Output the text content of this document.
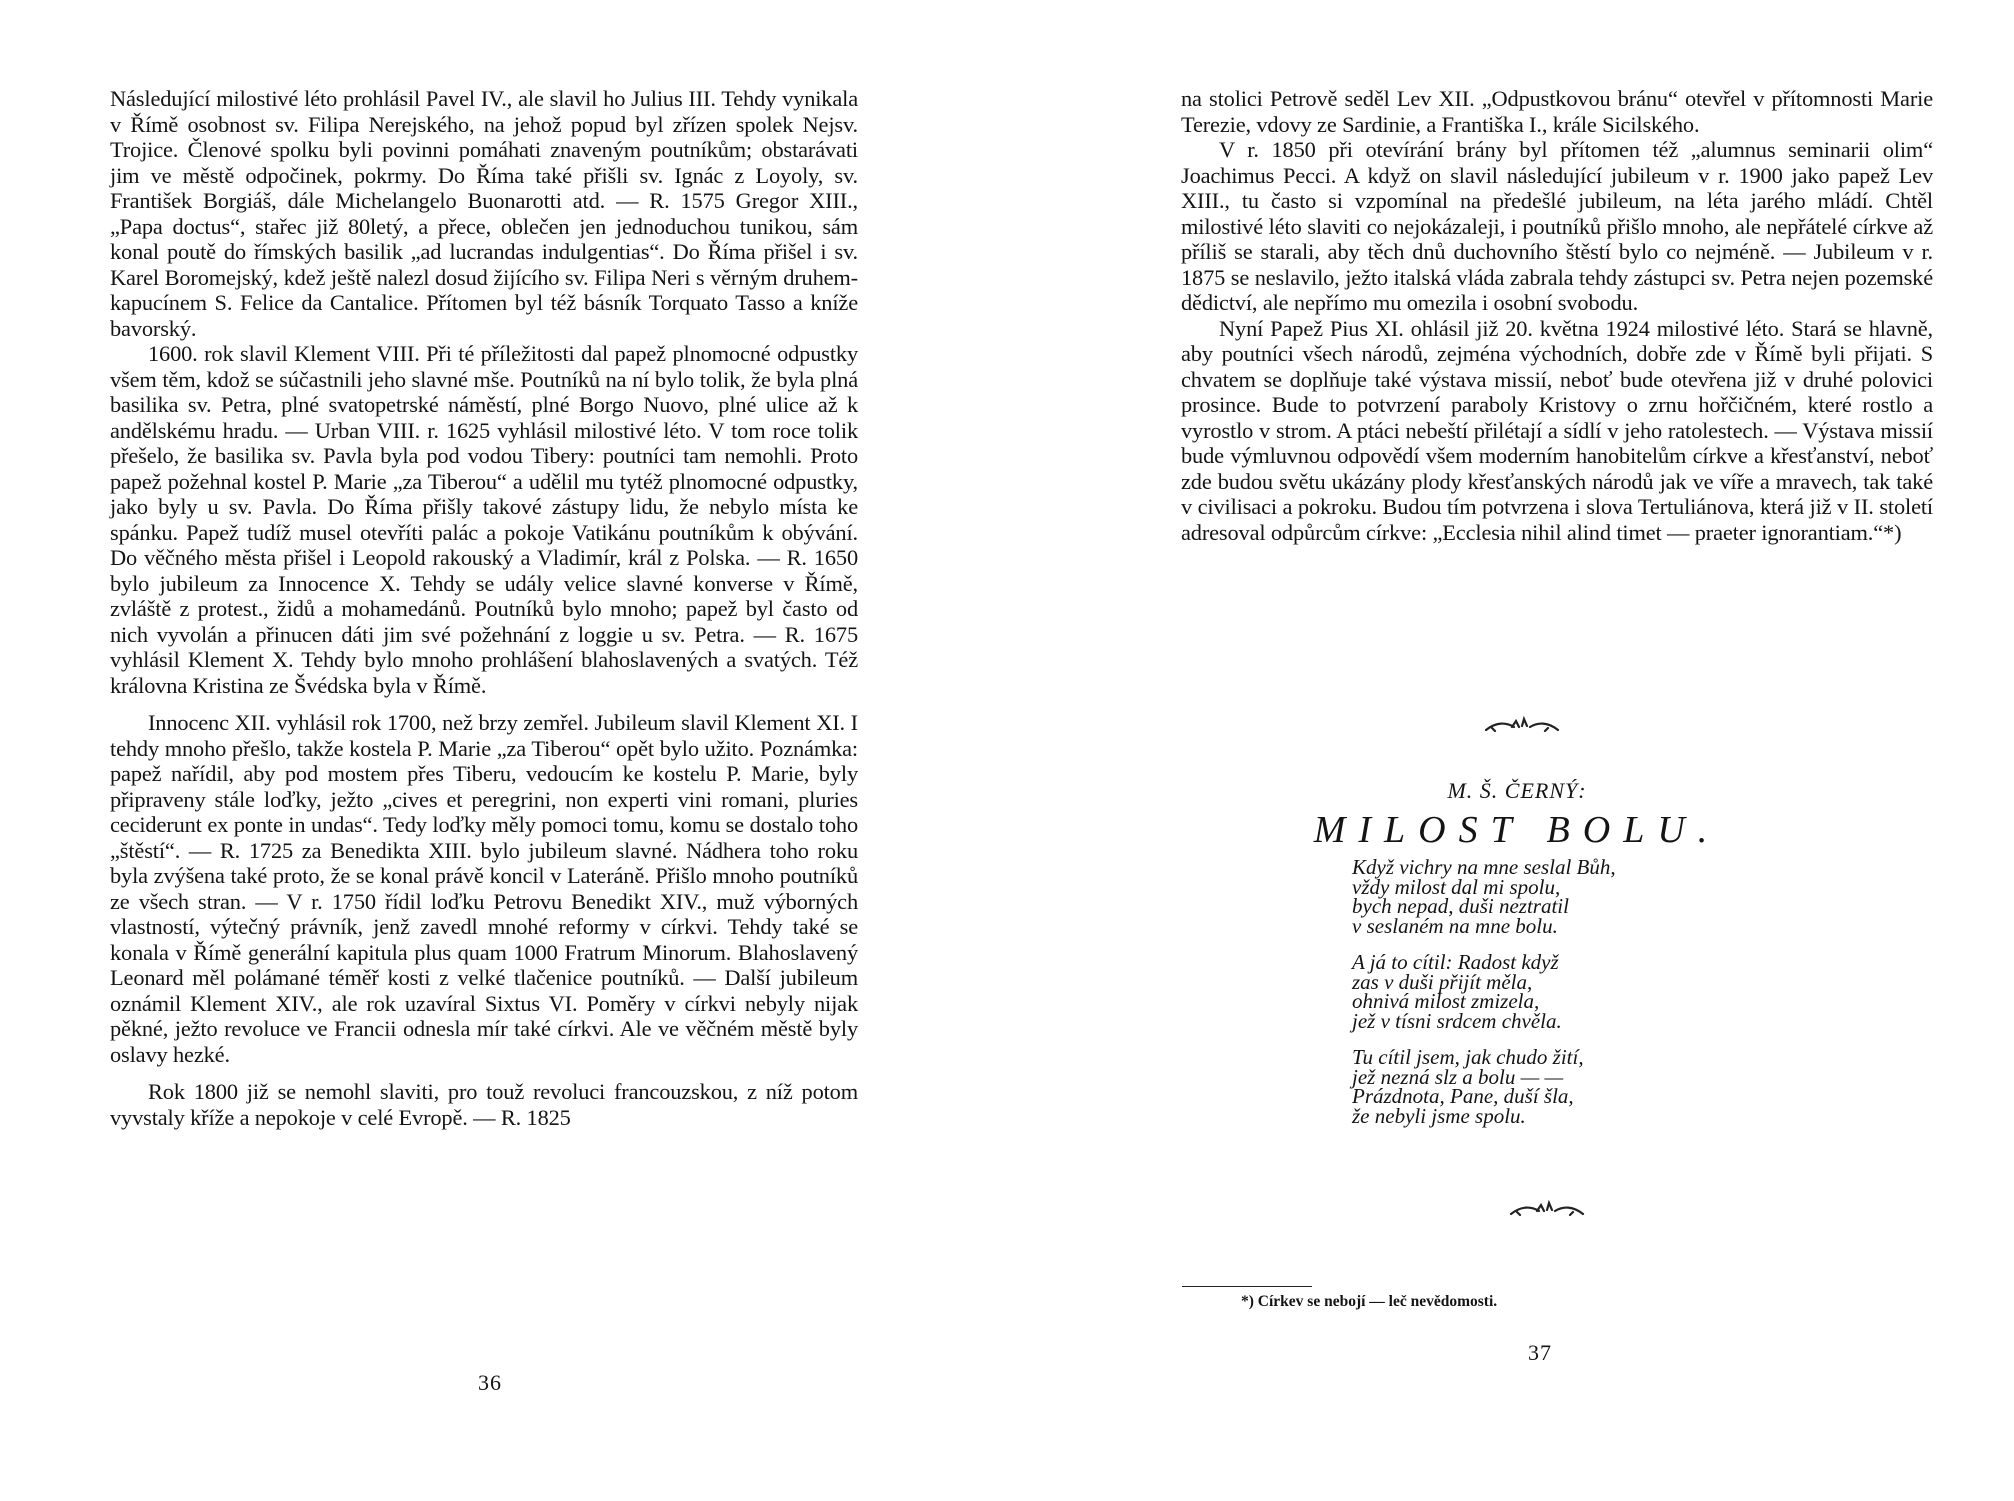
Následující milostivé léto prohlásil Pavel IV., ale slavil ho Julius III. Tehdy vynikala v Římě osobnost sv. Filipa Nerejského, na jehož popud byl zřízen spolek Nejsv. Trojice. Členové spolku byli povinni pomáhati znaveným poutníkům; obstarávati jim ve městě odpočinek, pokrmy. Do Říma také přišli sv. Ignác z Loyoly, sv. František Borgiáš, dále Michelangelo Buonarotti atd. — R. 1575 Gregor XIII., „Papa doctus“, stařec již 80letý, a přece, oblečen jen jednoduchou tunikou, sám konal poutě do římských basilik „ad lucrandas indulgentias“. Do Říma přišel i sv. Karel Boromejský, kdež ještě nalezl dosud žijícího sv. Filipa Neri s věrným druhem-kapucínem S. Felice da Cantalice. Přítomen byl též básník Torquato Tasso a kníže bavorský.

1600. rok slavil Klement VIII. Při té příležitosti dal papež plnomocné odpustky všem těm, kdož se súčastnili jeho slavné mše. Poutníků na ní bylo tolik, že byla plná basilika sv. Petra, plné svatopetrské náměstí, plné Borgo Nuovo, plné ulice až k andělskému hradu. — Urban VIII. r. 1625 vyhlásil milostivé léto. V tom roce tolik přešelo, že basilika sv. Pavla byla pod vodou Tibery: poutníci tam nemohli. Proto papež požehnal kostel P. Marie „za Tiberou“ a udělil mu tytéž plnomocné odpustky, jako byly u sv. Pavla. Do Říma přišly takové zástupy lidu, že nebylo místa ke spánku. Papež tudíž musel otevříti palác a pokoje Vatikánu poutníkům k obývání. Do věčného města přišel i Leopold rakouský a Vladimír, král z Polska. — R. 1650 bylo jubileum za Innocence X. Tehdy se udály velice slavné konverse v Římě, zvláště z protest., židů a mohamedánů. Poutníků bylo mnoho; papež byl často od nich vyvolán a přinucen dáti jim své požehnání z loggie u sv. Petra. — R. 1675 vyhlásil Klement X. Tehdy bylo mnoho prohlášení blahoslavených a svatých. Též královna Kristina ze Švédska byla v Římě.

Innocenc XII. vyhlásil rok 1700, než brzy zemřel. Jubileum slavil Klement XI. I tehdy mnoho přešlo, takže kostela P. Marie „za Tiberou“ opět bylo užito. Poznámka: papež nařídil, aby pod mostem přes Tiberu, vedoucím ke kostelu P. Marie, byly připraveny stále loďky, ježto „cives et peregrini, non experti vini romani, pluries ceciderunt ex ponte in undas“. Tedy loďky měly pomoci tomu, komu se dostalo toho „štěstí“. — R. 1725 za Benedikta XIII. bylo jubileum slavné. Nádhera toho roku byla zvýšena také proto, že se konal právě koncil v Lateráně. Přišlo mnoho poutníků ze všech stran. — V r. 1750 řídil loďku Petrovu Benedikt XIV., muž výborných vlastností, výtečný právník, jenž zavedl mnohé reformy v církvi. Tehdy také se konala v Římě generální kapitula plus quam 1000 Fratrum Minorum. Blahoslavený Leonard měl polámané téměř kosti z velké tlačenice poutníků. — Další jubileum oznámil Klement XIV., ale rok uzavíral Sixtus VI. Poměry v církvi nebyly nijak pěkné, ježto revoluce ve Francii odnesla mír také církvi. Ale ve věčném městě byly oslavy hezké.

Rok 1800 již se nemohl slaviti, pro touž revoluci francouzskou, z níž potom vyvstaly kříže a nepokoje v celé Evropě. — R. 1825

36

na stolici Petrově seděl Lev XII. „Odpustkovou bránu“ otevřel v přítomnosti Marie Terezie, vdovy ze Sardinie, a Františka I., krále Sicilského.

V r. 1850 při otevírání brány byl přítomen též „alumnus seminarii olim“ Joachimus Pecci. A když on slavil následující jubileum v r. 1900 jako papež Lev XIII., tu často si vzpomínal na předešlé jubileum, na léta jarého mládí. Chtěl milostivé léto slaviti co nejokázaleji, i poutníků přišlo mnoho, ale nepřátelé církve až příliš se starali, aby těch dnů duchovního štěstí bylo co nejméně. — Jubileum v r. 1875 se neslavilo, ježto italská vláda zabrala tehdy zástupci sv. Petra nejen pozemské dědictví, ale nepřímo mu omezila i osobní svobodu.

Nyní Papež Pius XI. ohlásil již 20. května 1924 milostivé léto. Stará se hlavně, aby poutníci všech národů, zejména východních, dobře zde v Římě byli přijati. S chvatem se doplňuje také výstava missií, neboť bude otevřena již v druhé polovici prosince. Bude to potvrzení paraboly Kristovy o zrnu hořčičném, které rostlo a vyrostlo v strom. A ptáci nebeští přilétají a sídlí v jeho ratolestech. — Výstava missií bude výmluvnou odpovědí všem moderním hanobitelům církve a křesťanství, neboť zde budou světu ukázány plody křesťanských národů jak ve víře a mravech, tak také v civilisaci a pokroku. Budou tím potvrzena i slova Tertuliánova, která již v II. století adresoval odpůrcům církve: „Ecclesia nihil alind timet — praeter ignorantiam.“*)

M. Š. ČERNÝ:
MILOST BOLU.
Když vichry na mne seslal Bůh,
vždy milost dal mi spolu,
bych nepad, duši neztratil
v seslaném na mne bolu.
A já to cítil: Radost když
zas v duši přijít měla,
ohnivá milost zmizela,
jež v tísni srdcem chvěla.
Tu cítil jsem, jak chudo žití,
jež nezná slz a bolu — —
Prázdnota, Pane, duší šla,
že nebyli jsme spolu.
*) Církev se nebojí — leč nevědomosti.
37
